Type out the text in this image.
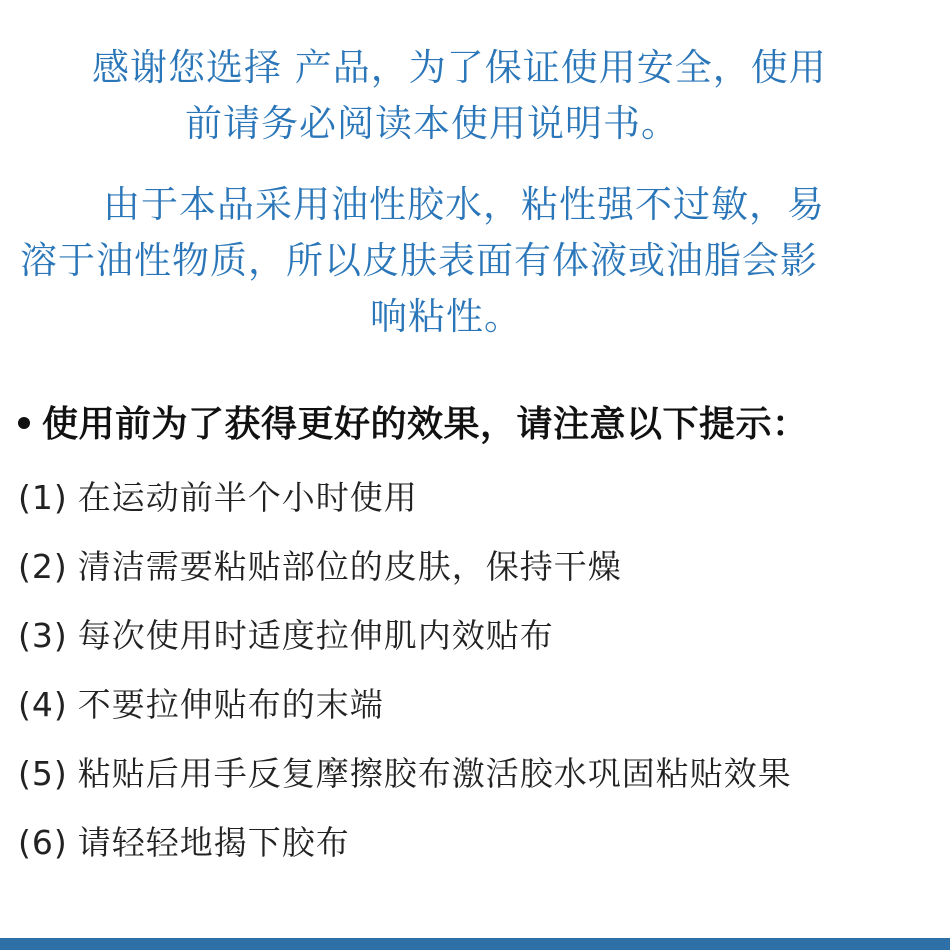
感谢您选择 产品，为了保证使用安全，使用
前请务必阅读本使用说明书。
由于本品采用油性胶水，粘性强不过敏，易
溶于油性物质，所以皮肤表面有体液或油脂会影
响粘性。
使用前为了获得更好的效果，请注意以下提示：
(1) 在运动前半个小时使用
(2) 清洁需要粘贴部位的皮肤，保持干燥
(3) 每次使用时适度拉伸肌内效贴布
(4) 不要拉伸贴布的末端
(5) 粘贴后用手反复摩擦胶布激活胶水巩固粘贴效果
(6) 请轻轻地揭下胶布
